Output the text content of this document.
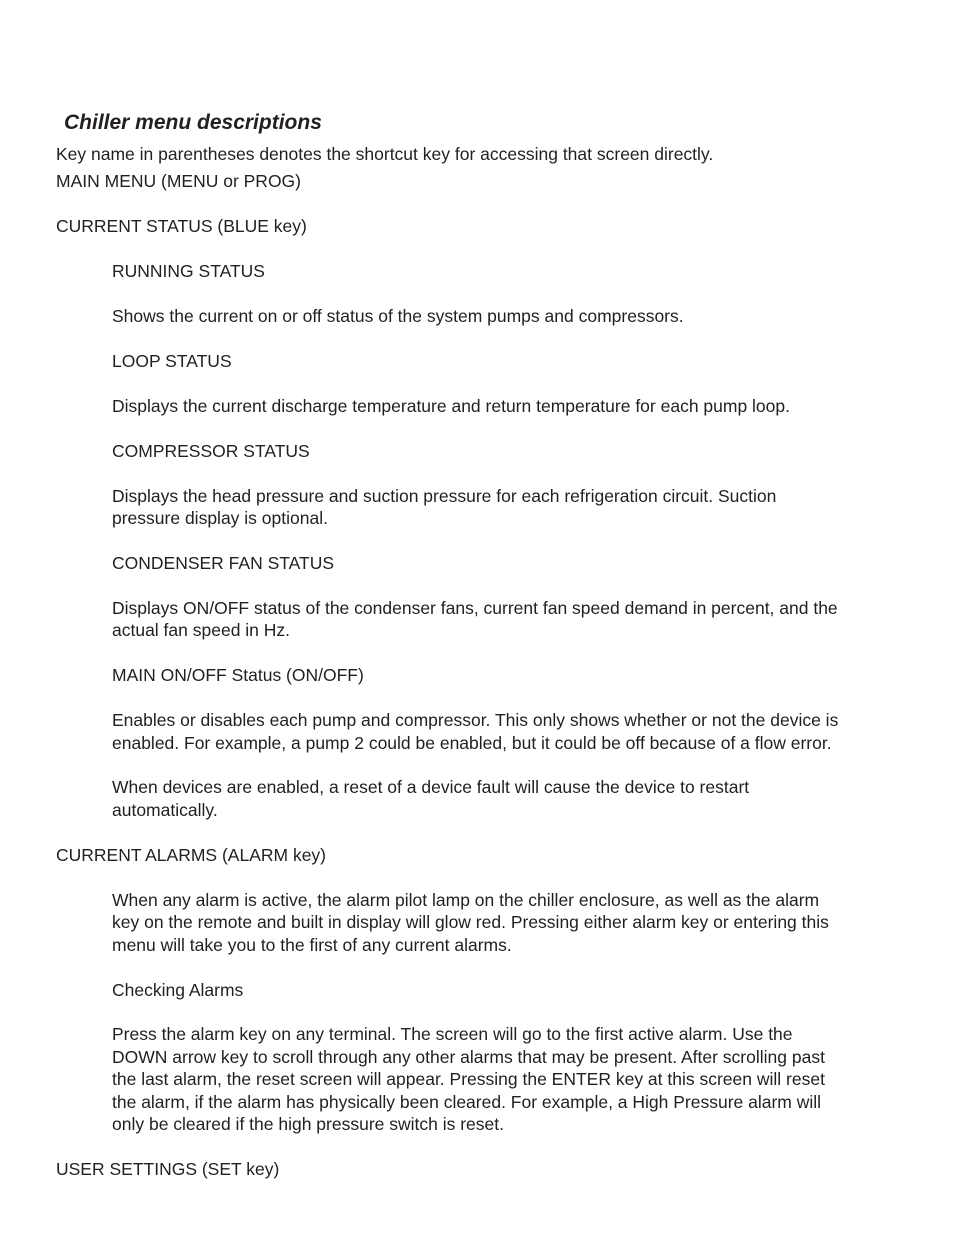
Chiller menu descriptions
Key name in parentheses denotes the shortcut key for accessing that screen directly.
MAIN MENU (MENU or PROG)
CURRENT STATUS (BLUE key)
RUNNING STATUS
Shows the current on or off status of the system pumps and compressors.
LOOP STATUS
Displays the current discharge temperature and return temperature for each pump loop.
COMPRESSOR STATUS
Displays the head pressure and suction pressure for each refrigeration circuit. Suction
pressure display is optional.
CONDENSER FAN STATUS
Displays ON/OFF status of the condenser fans, current fan speed demand in percent, and the
actual fan speed in Hz.
MAIN ON/OFF Status (ON/OFF)
Enables or disables each pump and compressor. This only shows whether or not the device is
enabled. For example, a pump 2 could be enabled, but it could be off because of a flow error.
When devices are enabled, a reset of a device fault will cause the device to restart
automatically.
CURRENT ALARMS (ALARM key)
When any alarm is active, the alarm pilot lamp on the chiller enclosure, as well as the alarm
key on the remote and built in display will glow red. Pressing either alarm key or entering this
menu will take you to the first of any current alarms.
Checking Alarms
Press the alarm key on any terminal. The screen will go to the first active alarm. Use the
DOWN arrow key to scroll through any other alarms that may be present. After scrolling past
the last alarm, the reset screen will appear. Pressing the ENTER key at this screen will reset
the alarm, if the alarm has physically been cleared. For example, a High Pressure alarm will
only be cleared if the high pressure switch is reset.
USER SETTINGS (SET key)
